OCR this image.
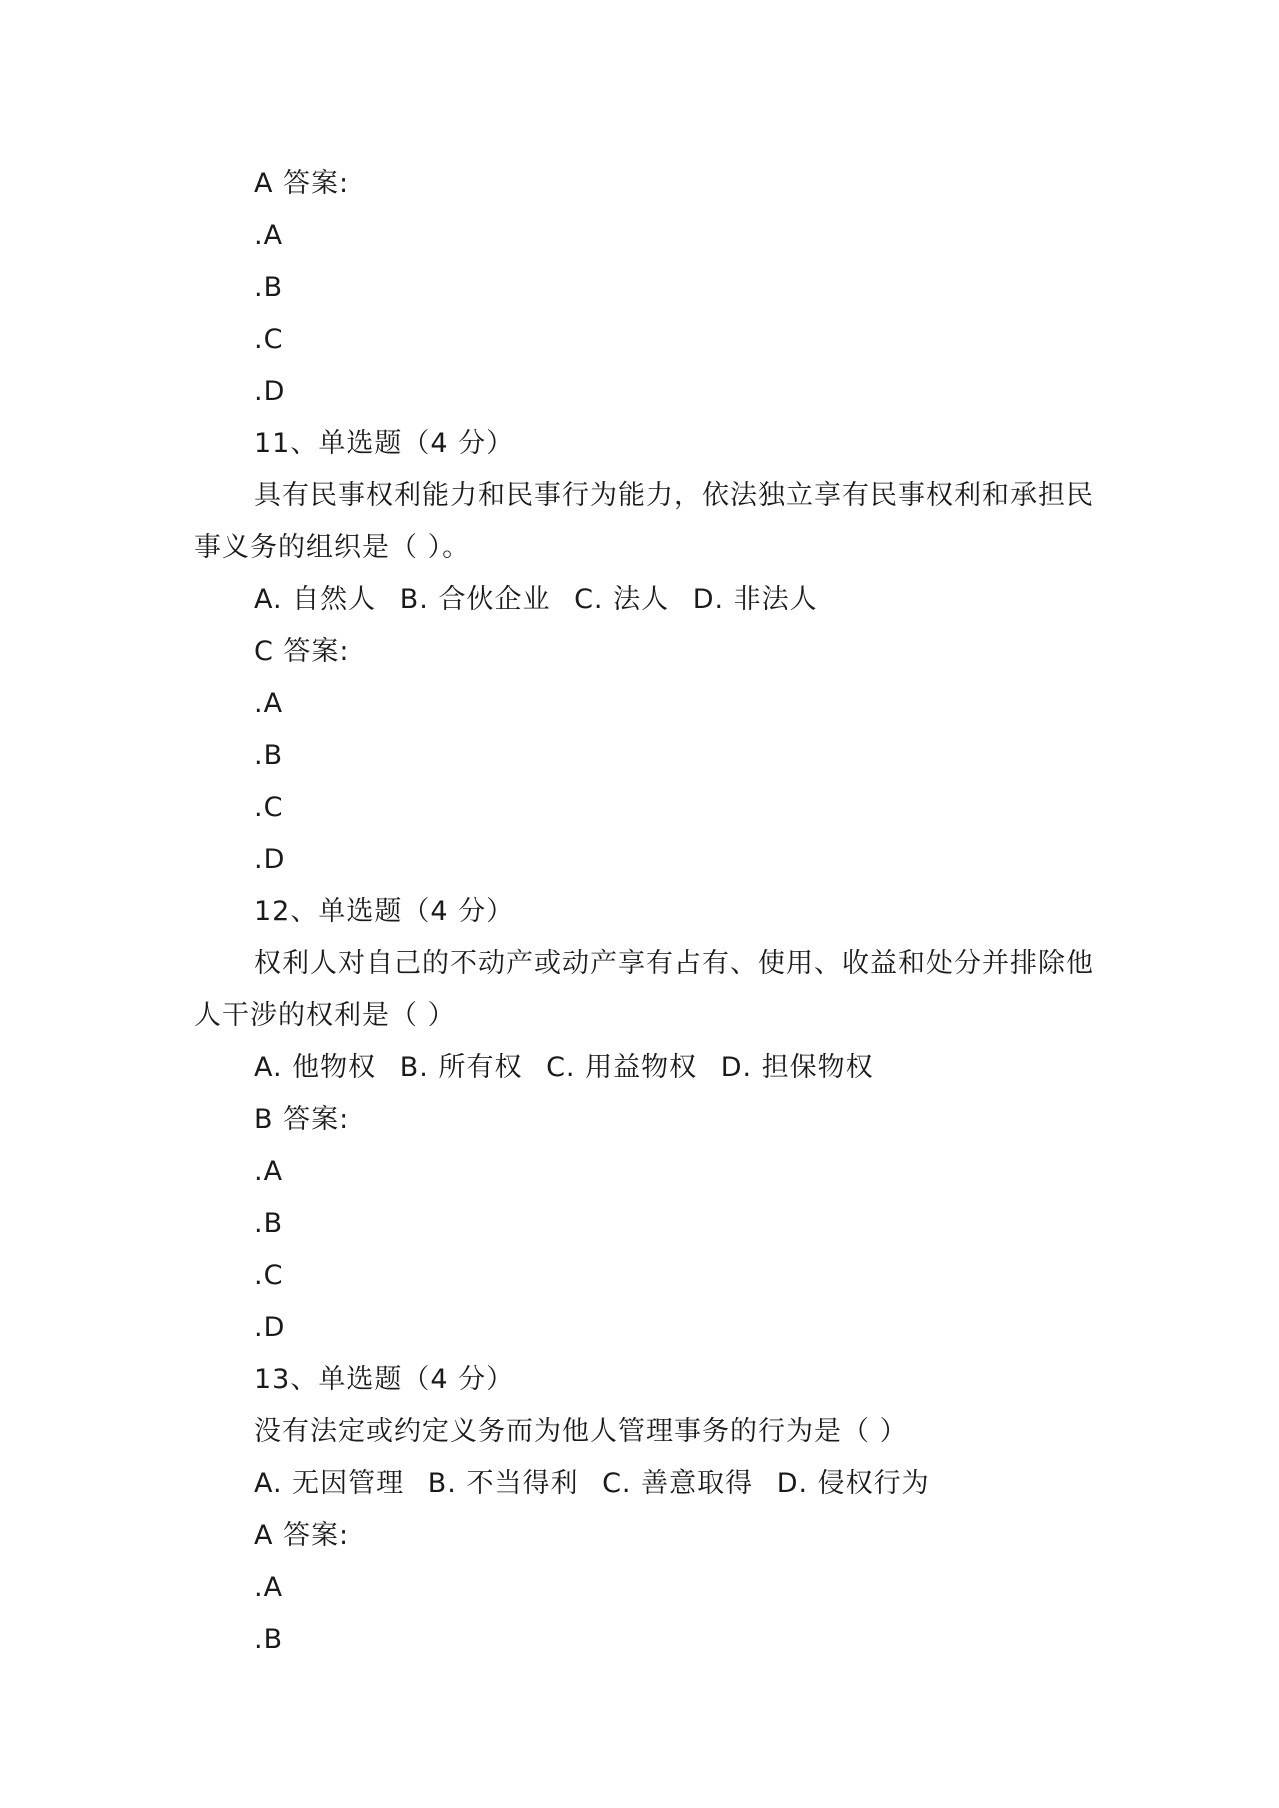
A 答案:
.A
.B
.C
.D
11、单选题（4 分）
具有民事权利能力和民事行为能力，依法独立享有民事权利和承担民事义务的组织是（ ）。
A. 自然人 B. 合伙企业 C. 法人 D. 非法人
C 答案:
.A
.B
.C
.D
12、单选题（4 分）
权利人对自己的不动产或动产享有占有、使用、收益和处分并排除他人干涉的权利是（ ）
A. 他物权 B. 所有权 C. 用益物权 D. 担保物权
B 答案:
.A
.B
.C
.D
13、单选题（4 分）
没有法定或约定义务而为他人管理事务的行为是（ ）
A. 无因管理 B. 不当得利 C. 善意取得 D. 侵权行为
A 答案:
.A
.B
